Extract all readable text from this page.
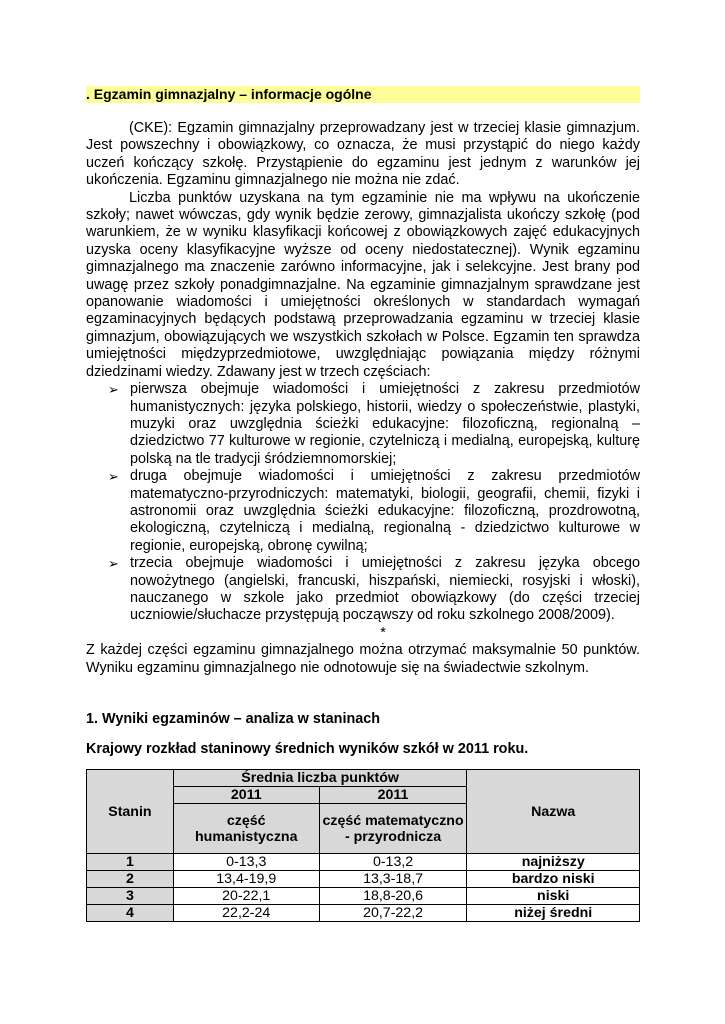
. Egzamin gimnazjalny – informacje ogólne

(CKE): Egzamin gimnazjalny przeprowadzany jest w trzeciej klasie gimnazjum. Jest powszechny i obowiązkowy, co oznacza, że musi przystąpić do niego każdy uczeń kończący szkołę. Przystąpienie do egzaminu jest jednym z warunków jej ukończenia. Egzaminu gimnazjalnego nie można nie zdać.

Liczba punktów uzyskana na tym egzaminie nie ma wpływu na ukończenie szkoły; nawet wówczas, gdy wynik będzie zerowy, gimnazjalista ukończy szkołę (pod warunkiem, że w wyniku klasyfikacji końcowej z obowiązkowych zajęć edukacyjnych uzyska oceny klasyfikacyjne wyższe od oceny niedostatecznej). Wynik egzaminu gimnazjalnego ma znaczenie zarówno informacyjne, jak i selekcyjne. Jest brany pod uwagę przez szkoły ponadgimnazjalne. Na egzaminie gimnazjalnym sprawdzane jest opanowanie wiadomości i umiejętności określonych w standardach wymagań egzaminacyjnych będących podstawą przeprowadzania egzaminu w trzeciej klasie gimnazjum, obowiązujących we wszystkich szkołach w Polsce. Egzamin ten sprawdza umiejętności międzyprzedmiotowe, uwzględniając powiązania między różnymi dziedzinami wiedzy. Zdawany jest w trzech częściach:

➢ pierwsza obejmuje wiadomości i umiejętności z zakresu przedmiotów humanistycznych: języka polskiego, historii, wiedzy o społeczeństwie, plastyki, muzyki oraz uwzględnia ścieżki edukacyjne: filozoficzną, regionalną – dziedzictwo 77 kulturowe w regionie, czytelniczą i medialną, europejską, kulturę polską na tle tradycji śródziemnomorskiej;
➢ druga obejmuje wiadomości i umiejętności z zakresu przedmiotów matematyczno-przyrodniczych: matematyki, biologii, geografii, chemii, fizyki i astronomii oraz uwzględnia ścieżki edukacyjne: filozoficzną, prozdrowotną, ekologiczną, czytelniczą i medialną, regionalną - dziedzictwo kulturowe w regionie, europejską, obronę cywilną;
➢ trzecia obejmuje wiadomości i umiejętności z zakresu języka obcego nowożytnego (angielski, francuski, hiszpański, niemiecki, rosyjski i włoski), nauczanego w szkole jako przedmiot obowiązkowy (do części trzeciej uczniowie/słuchacze przystępują począwszy od roku szkolnego 2008/2009).

*

Z każdej części egzaminu gimnazjalnego można otrzymać maksymalnie 50 punktów. Wyniku egzaminu gimnazjalnego nie odnotowuje się na świadectwie szkolnym.

1. Wyniki egzaminów – analiza w staninach
Krajowy rozkład staninowy średnich wyników szkół w 2011 roku.
Stanin	Średnia liczba punktów		Nazwa
	2011	2011	
	część humanistyczna	część matematyczno - przyrodnicza	
1	0-13,3	0-13,2	najniższy
2	13,4-19,9	13,3-18,7	bardzo niski
3	20-22,1	18,8-20,6	niski
4	22,2-24	20,7-22,2	niżej średni
